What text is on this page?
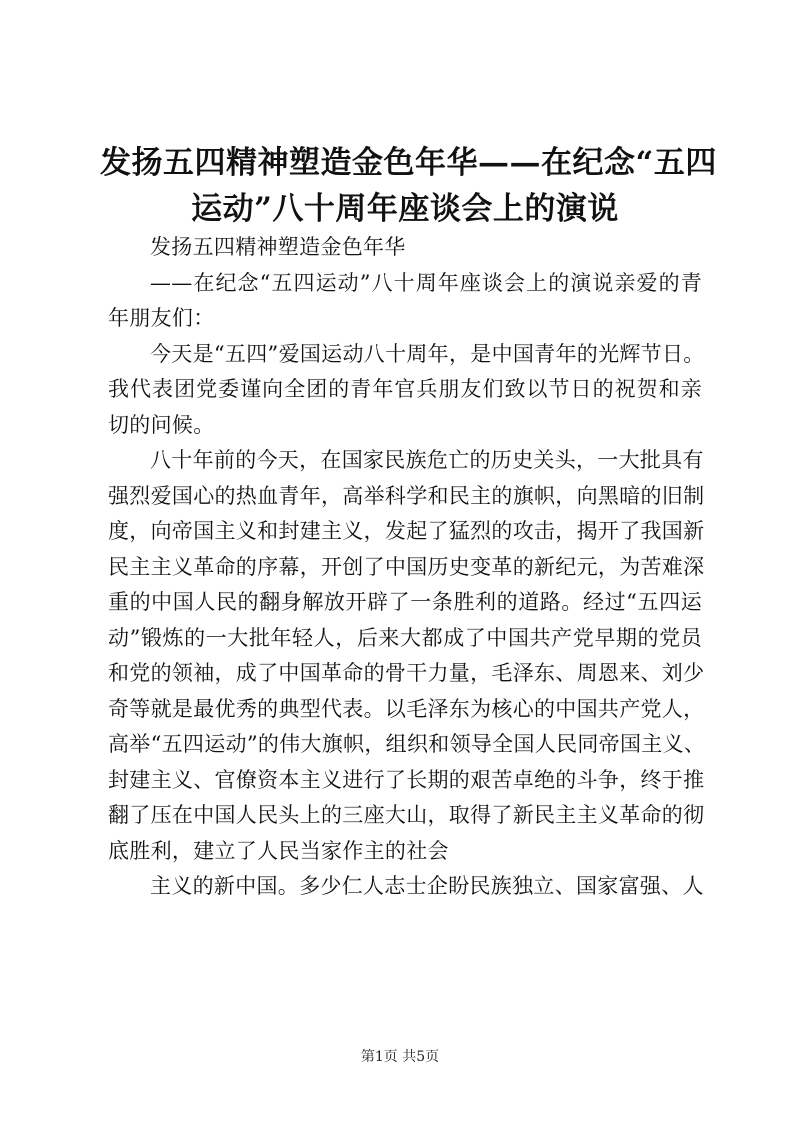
发扬五四精神塑造金色年华——在纪念“五四
运动”八十周年座谈会上的演说
发扬五四精神塑造金色年华
——在纪念“五四运动”八十周年座谈会上的演说亲爱的青
年朋友们：
今天是“五四”爱国运动八十周年，是中国青年的光辉节日。
我代表团党委谨向全团的青年官兵朋友们致以节日的祝贺和亲
切的问候。
八十年前的今天，在国家民族危亡的历史关头，一大批具有
强烈爱国心的热血青年，高举科学和民主的旗帜，向黑暗的旧制
度，向帝国主义和封建主义，发起了猛烈的攻击，揭开了我国新
民主主义革命的序幕，开创了中国历史变革的新纪元，为苦难深
重的中国人民的翻身解放开辟了一条胜利的道路。经过“五四运
动”锻炼的一大批年轻人，后来大都成了中国共产党早期的党员
和党的领袖，成了中国革命的骨干力量，毛泽东、周恩来、刘少
奇等就是最优秀的典型代表。以毛泽东为核心的中国共产党人，
高举“五四运动”的伟大旗帜，组织和领导全国人民同帝国主义、
封建主义、官僚资本主义进行了长期的艰苦卓绝的斗争，终于推
翻了压在中国人民头上的三座大山，取得了新民主主义革命的彻
底胜利，建立了人民当家作主的社会
主义的新中国。多少仁人志士企盼民族独立、国家富强、人
第1页 共5页
